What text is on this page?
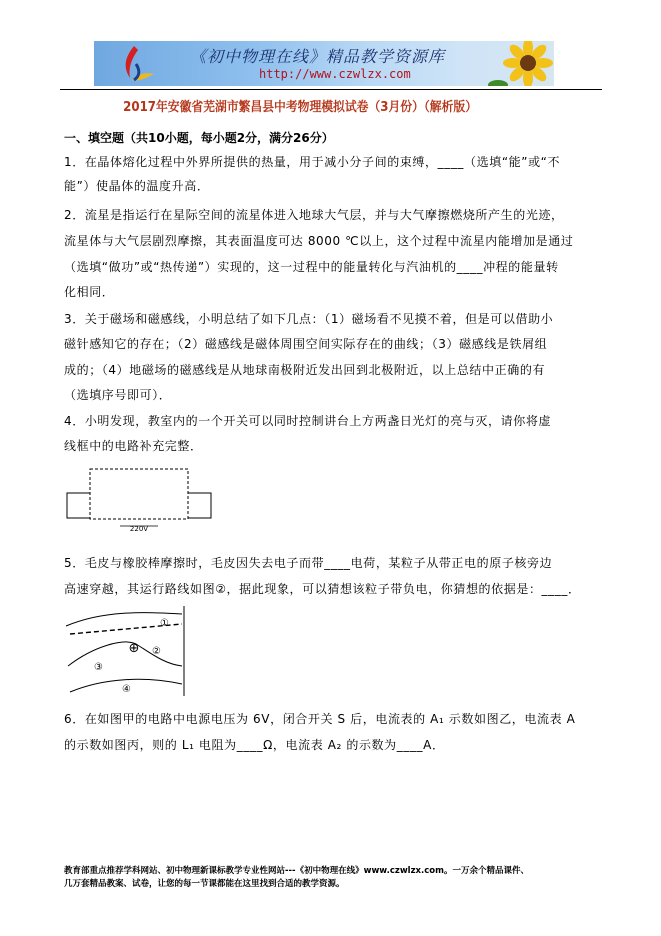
《初中物理在线》精品教学资源库
http://www.czwlzx.com
2017年安徽省芜湖市繁昌县中考物理模拟试卷（3月份）（解析版）
一、填空题（共10小题，每小题2分，满分26分）
1．在晶体熔化过程中外界所提供的热量，用于减小分子间的束缚，____（选填“能”或“不
能”）使晶体的温度升高．
2．流星是指运行在星际空间的流星体进入地球大气层，并与大气摩擦燃烧所产生的光迹，
流星体与大气层剧烈摩擦，其表面温度可达 8000 ℃以上，这个过程中流星内能增加是通过
（选填“做功”或“热传递”）实现的，这一过程中的能量转化与汽油机的____冲程的能量转
化相同．
3．关于磁场和磁感线，小明总结了如下几点：（1）磁场看不见摸不着，但是可以借助小
磁针感知它的存在；（2）磁感线是磁体周围空间实际存在的曲线；（3）磁感线是铁屑组
成的；（4）地磁场的磁感线是从地球南极附近发出回到北极附近，以上总结中正确的有
（选填序号即可）．
4．小明发现，教室内的一个开关可以同时控制讲台上方两盏日光灯的亮与灭，请你将虚
线框中的电路补充完整．
220V
5．毛皮与橡胶棒摩擦时，毛皮因失去电子而带____电荷，某粒子从带正电的原子核旁边
高速穿越，其运行路线如图②，据此现象，可以猜想该粒子带负电，你猜想的依据是：____．
⊕
①
②
③
④
6．在如图甲的电路中电源电压为 6V，闭合开关 S 后，电流表的 A₁ 示数如图乙，电流表 A
的示数如图丙，则的 L₁ 电阻为____Ω，电流表 A₂ 的示数为____A．
教育部重点推荐学科网站、初中物理新课标教学专业性网站---《初中物理在线》www.czwlzx.com。一万余个精品课件、
几万套精品教案、试卷，让您的每一节课都能在这里找到合适的教学资源。
